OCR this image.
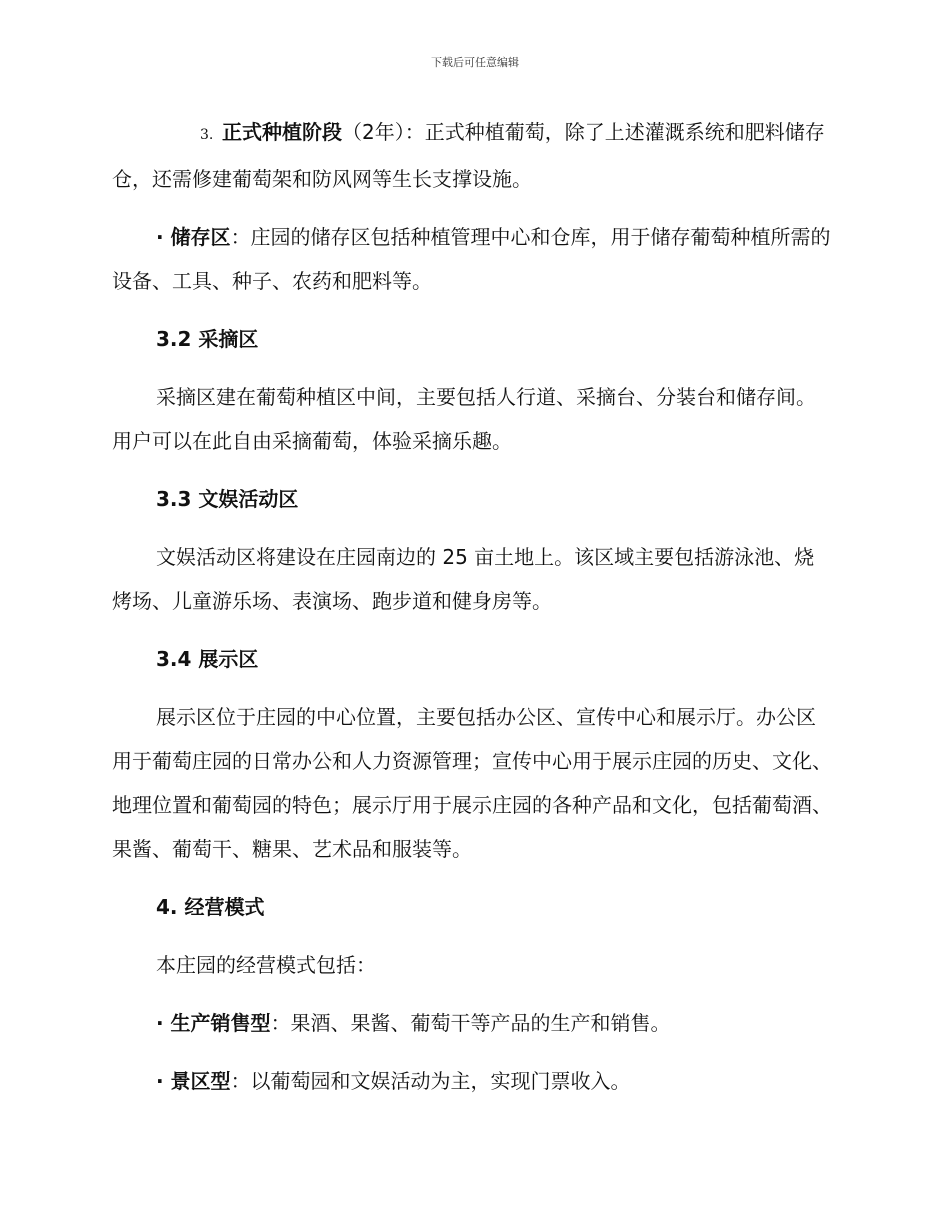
下载后可任意编辑

3. 正式种植阶段（2年）：正式种植葡萄，除了上述灌溉系统和肥料储存仓，还需修建葡萄架和防风网等生长支撑设施。

· 储存区：庄园的储存区包括种植管理中心和仓库，用于储存葡萄种植所需的设备、工具、种子、农药和肥料等。

3.2 采摘区

采摘区建在葡萄种植区中间，主要包括人行道、采摘台、分装台和储存间。用户可以在此自由采摘葡萄，体验采摘乐趣。

3.3 文娱活动区

文娱活动区将建设在庄园南边的 25 亩土地上。该区域主要包括游泳池、烧烤场、儿童游乐场、表演场、跑步道和健身房等。

3.4 展示区

展示区位于庄园的中心位置，主要包括办公区、宣传中心和展示厅。办公区用于葡萄庄园的日常办公和人力资源管理；宣传中心用于展示庄园的历史、文化、地理位置和葡萄园的特色；展示厅用于展示庄园的各种产品和文化，包括葡萄酒、果酱、葡萄干、糖果、艺术品和服装等。

4. 经营模式

本庄园的经营模式包括：

· 生产销售型：果酒、果酱、葡萄干等产品的生产和销售。

· 景区型：以葡萄园和文娱活动为主，实现门票收入。
